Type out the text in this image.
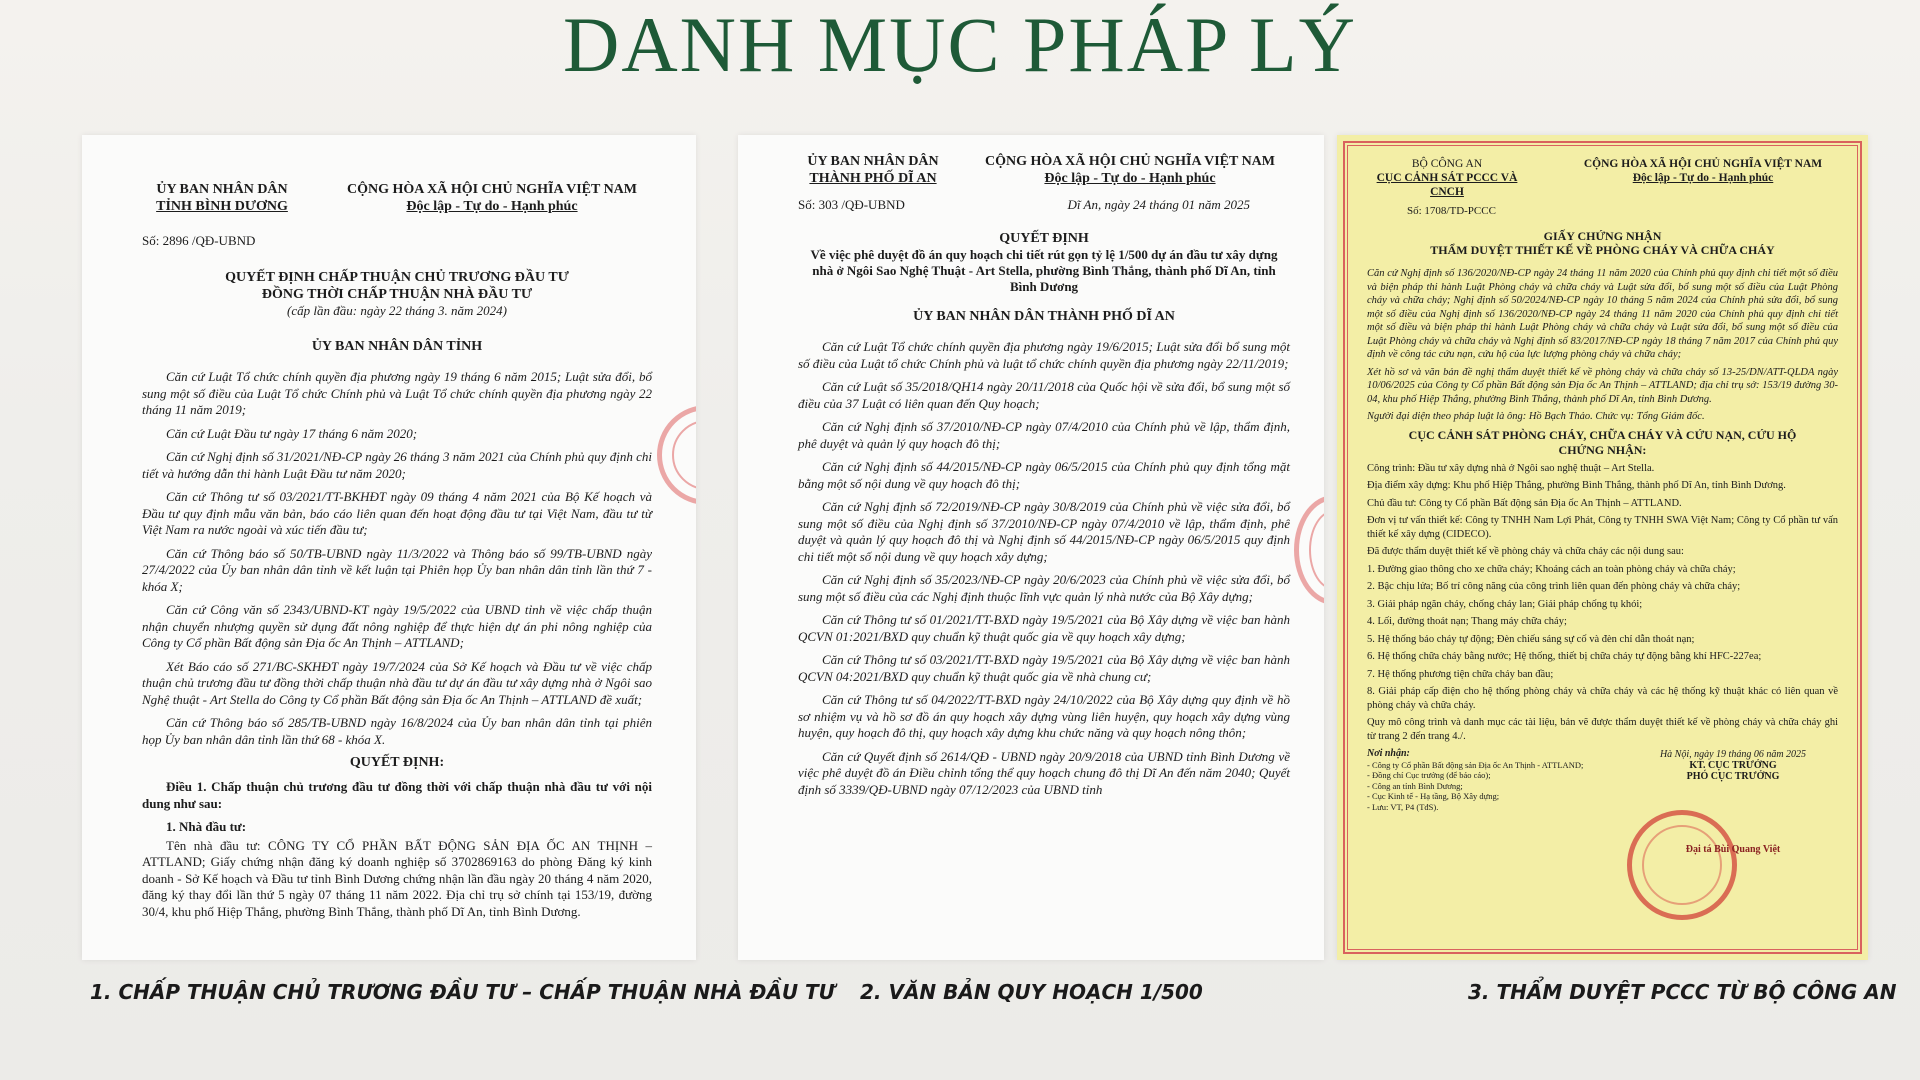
DANH MỤC PHÁP LÝ
ỦY BAN NHÂN DÂN
TỈNH BÌNH DƯƠNG
CỘNG HÒA XÃ HỘI CHỦ NGHĨA VIỆT NAM
Độc lập - Tự do - Hạnh phúc
Số: 2896 /QĐ-UBND
QUYẾT ĐỊNH CHẤP THUẬN CHỦ TRƯƠNG ĐẦU TƯ
ĐỒNG THỜI CHẤP THUẬN NHÀ ĐẦU TƯ
(cấp lần đầu: ngày 22 tháng 3. năm 2024)
ỦY BAN NHÂN DÂN TỈNH
Căn cứ Luật Tổ chức chính quyền địa phương ngày 19 tháng 6 năm 2015; Luật sửa đổi, bổ sung một số điều của Luật Tổ chức Chính phủ và Luật Tổ chức chính quyền địa phương ngày 22 tháng 11 năm 2019;
Căn cứ Luật Đầu tư ngày 17 tháng 6 năm 2020;
Căn cứ Nghị định số 31/2021/NĐ-CP ngày 26 tháng 3 năm 2021 của Chính phủ quy định chi tiết và hướng dẫn thi hành Luật Đầu tư năm 2020;
Căn cứ Thông tư số 03/2021/TT-BKHĐT ngày 09 tháng 4 năm 2021 của Bộ Kế hoạch và Đầu tư quy định mẫu văn bản, báo cáo liên quan đến hoạt động đầu tư tại Việt Nam, đầu tư từ Việt Nam ra nước ngoài và xúc tiến đầu tư;
Căn cứ Thông báo số 50/TB-UBND ngày 11/3/2022 và Thông báo số 99/TB-UBND ngày 27/4/2022 của Ủy ban nhân dân tỉnh về kết luận tại Phiên họp Ủy ban nhân dân tỉnh lần thứ 7 - khóa X;
Căn cứ Công văn số 2343/UBND-KT ngày 19/5/2022 của UBND tỉnh về việc chấp thuận nhận chuyển nhượng quyền sử dụng đất nông nghiệp để thực hiện dự án phi nông nghiệp của Công ty Cổ phần Bất động sản Địa ốc An Thịnh – ATTLAND;
Xét Báo cáo số 271/BC-SKHĐT ngày 19/7/2024 của Sở Kế hoạch và Đầu tư về việc chấp thuận chủ trương đầu tư đồng thời chấp thuận nhà đầu tư dự án đầu tư xây dựng nhà ở Ngôi sao Nghệ thuật - Art Stella do Công ty Cổ phần Bất động sản Địa ốc An Thịnh – ATTLAND đề xuất;
Căn cứ Thông báo số 285/TB-UBND ngày 16/8/2024 của Ủy ban nhân dân tỉnh tại phiên họp Ủy ban nhân dân tỉnh lần thứ 68 - khóa X.
QUYẾT ĐỊNH:
Điều 1. Chấp thuận chủ trương đầu tư đồng thời với chấp thuận nhà đầu tư với nội dung như sau:
1. Nhà đầu tư:
Tên nhà đầu tư: CÔNG TY CỔ PHẦN BẤT ĐỘNG SẢN ĐỊA ỐC AN THỊNH – ATTLAND; Giấy chứng nhận đăng ký doanh nghiệp số 3702869163 do phòng Đăng ký kinh doanh - Sở Kế hoạch và Đầu tư tỉnh Bình Dương chứng nhận lần đầu ngày 20 tháng 4 năm 2020, đăng ký thay đổi lần thứ 5 ngày 07 tháng 11 năm 2022. Địa chỉ trụ sở chính tại 153/19, đường 30/4, khu phố Hiệp Thắng, phường Bình Thắng, thành phố Dĩ An, tỉnh Bình Dương.
ỦY BAN NHÂN DÂN
THÀNH PHỐ DĨ AN
CỘNG HÒA XÃ HỘI CHỦ NGHĨA VIỆT NAM
Độc lập - Tự do - Hạnh phúc
Số: 303 /QĐ-UBND	Dĩ An, ngày 24 tháng 01 năm 2025
QUYẾT ĐỊNH
Về việc phê duyệt đồ án quy hoạch chi tiết rút gọn tỷ lệ 1/500 dự án đầu tư xây dựng nhà ở Ngôi Sao Nghệ Thuật - Art Stella, phường Bình Thắng, thành phố Dĩ An, tỉnh Bình Dương
ỦY BAN NHÂN DÂN THÀNH PHỐ DĨ AN
Căn cứ Luật Tổ chức chính quyền địa phương ngày 19/6/2015; Luật sửa đổi bổ sung một số điều của Luật tổ chức Chính phủ và luật tổ chức chính quyền địa phương ngày 22/11/2019;
Căn cứ Luật số 35/2018/QH14 ngày 20/11/2018 của Quốc hội về sửa đổi, bổ sung một số điều của 37 Luật có liên quan đến Quy hoạch;
Căn cứ Nghị định số 37/2010/NĐ-CP ngày 07/4/2010 của Chính phủ về lập, thẩm định, phê duyệt và quản lý quy hoạch đô thị;
Căn cứ Nghị định số 44/2015/NĐ-CP ngày 06/5/2015 của Chính phủ quy định tổng mặt bằng một số nội dung về quy hoạch đô thị;
Căn cứ Nghị định số 72/2019/NĐ-CP ngày 30/8/2019 của Chính phủ về việc sửa đổi, bổ sung một số điều của Nghị định số 37/2010/NĐ-CP ngày 07/4/2010 về lập, thẩm định, phê duyệt và quản lý quy hoạch đô thị và Nghị định số 44/2015/NĐ-CP ngày 06/5/2015 quy định chi tiết một số nội dung về quy hoạch xây dựng;
Căn cứ Nghị định số 35/2023/NĐ-CP ngày 20/6/2023 của Chính phủ về việc sửa đổi, bổ sung một số điều của các Nghị định thuộc lĩnh vực quản lý nhà nước của Bộ Xây dựng;
Căn cứ Thông tư số 01/2021/TT-BXD ngày 19/5/2021 của Bộ Xây dựng về việc ban hành QCVN 01:2021/BXD quy chuẩn kỹ thuật quốc gia về quy hoạch xây dựng;
Căn cứ Thông tư số 03/2021/TT-BXD ngày 19/5/2021 của Bộ Xây dựng về việc ban hành QCVN 04:2021/BXD quy chuẩn kỹ thuật quốc gia về nhà chung cư;
Căn cứ Thông tư số 04/2022/TT-BXD ngày 24/10/2022 của Bộ Xây dựng quy định về hồ sơ nhiệm vụ và hồ sơ đồ án quy hoạch xây dựng vùng liên huyện, quy hoạch xây dựng vùng huyện, quy hoạch đô thị, quy hoạch xây dựng khu chức năng và quy hoạch nông thôn;
Căn cứ Quyết định số 2614/QĐ - UBND ngày 20/9/2018 của UBND tỉnh Bình Dương về việc phê duyệt đồ án Điều chỉnh tổng thể quy hoạch chung đô thị Dĩ An đến năm 2040; Quyết định số 3339/QĐ-UBND ngày 07/12/2023 của UBND tỉnh
BỘ CÔNG AN
CỤC CẢNH SÁT PCCC VÀ CNCH
CỘNG HÒA XÃ HỘI CHỦ NGHĨA VIỆT NAM
Độc lập - Tự do - Hạnh phúc
Số: 1708/TD-PCCC
GIẤY CHỨNG NHẬN
THẨM DUYỆT THIẾT KẾ VỀ PHÒNG CHÁY VÀ CHỮA CHÁY
Căn cứ Nghị định số 136/2020/NĐ-CP ngày 24 tháng 11 năm 2020 của Chính phủ quy định chi tiết một số điều và biện pháp thi hành Luật Phòng cháy và chữa cháy và Luật sửa đổi, bổ sung một số điều của Luật Phòng cháy và chữa cháy; Nghị định số 50/2024/NĐ-CP ngày 10 tháng 5 năm 2024 của Chính phủ sửa đổi, bổ sung một số điều của Nghị định số 136/2020/NĐ-CP ngày 24 tháng 11 năm 2020 của Chính phủ quy định chi tiết một số điều và biện pháp thi hành Luật Phòng cháy và chữa cháy và Luật sửa đổi, bổ sung một số điều của Luật Phòng cháy và chữa cháy và Nghị định số 83/2017/NĐ-CP ngày 18 tháng 7 năm 2017 của Chính phủ quy định về công tác cứu nạn, cứu hộ của lực lượng phòng cháy và chữa cháy;
Xét hồ sơ và văn bản đề nghị thẩm duyệt thiết kế về phòng cháy và chữa cháy số 13-25/DN/ATT-QLDA ngày 10/06/2025 của Công ty Cổ phần Bất động sản Địa ốc An Thịnh – ATTLAND; địa chỉ trụ sở: 153/19 đường 30-04, khu phố Hiệp Thắng, phường Bình Thắng, thành phố Dĩ An, tỉnh Bình Dương.
Người đại diện theo pháp luật là ông: Hồ Bạch Thảo. Chức vụ: Tổng Giám đốc.
CỤC CẢNH SÁT PHÒNG CHÁY, CHỮA CHÁY VÀ CỨU NẠN, CỨU HỘ
CHỨNG NHẬN:
Công trình: Đầu tư xây dựng nhà ở Ngôi sao nghệ thuật – Art Stella.
Địa điểm xây dựng: Khu phố Hiệp Thắng, phường Bình Thắng, thành phố Dĩ An, tỉnh Bình Dương.
Chủ đầu tư: Công ty Cổ phần Bất động sản Địa ốc An Thịnh – ATTLAND.
Đơn vị tư vấn thiết kế: Công ty TNHH Nam Lợi Phát, Công ty TNHH SWA Việt Nam; Công ty Cổ phần tư vấn thiết kế xây dựng (CIDECO).
Đã được thẩm duyệt thiết kế về phòng cháy và chữa cháy các nội dung sau:
1. Đường giao thông cho xe chữa cháy; Khoảng cách an toàn phòng cháy và chữa cháy;
2. Bậc chịu lửa; Bố trí công năng của công trình liên quan đến phòng cháy và chữa cháy;
3. Giải pháp ngăn cháy, chống cháy lan; Giải pháp chống tụ khói;
4. Lối, đường thoát nạn; Thang máy chữa cháy;
5. Hệ thống báo cháy tự động; Đèn chiếu sáng sự cố và đèn chỉ dẫn thoát nạn;
6. Hệ thống chữa cháy bằng nước; Hệ thống, thiết bị chữa cháy tự động bằng khí HFC-227ea;
7. Hệ thống phương tiện chữa cháy ban đầu;
8. Giải pháp cấp điện cho hệ thống phòng cháy và chữa cháy và các hệ thống kỹ thuật khác có liên quan về phòng cháy và chữa cháy.
Quy mô công trình và danh mục các tài liệu, bản vẽ được thẩm duyệt thiết kế về phòng cháy và chữa cháy ghi từ trang 2 đến trang 4./.
Nơi nhận:
- Công ty Cổ phần Bất động sản Địa ốc An Thịnh - ATTLAND;
- Đồng chí Cục trưởng (để báo cáo);
- Công an tỉnh Bình Dương;
- Cục Kinh tế - Hạ tầng, Bộ Xây dựng;
- Lưu: VT, P4 (TđS).
Hà Nội, ngày 19 tháng 06 năm 2025
KT. CỤC TRƯỞNG
PHÓ CỤC TRƯỞNG
Đại tá Bùi Quang Việt
1. CHẤP THUẬN CHỦ TRƯƠNG ĐẦU TƯ – CHẤP THUẬN NHÀ ĐẦU TƯ 2. VĂN BẢN QUY HOẠCH 1/500	3. THẨM DUYỆT PCCC TỪ BỘ CÔNG AN
